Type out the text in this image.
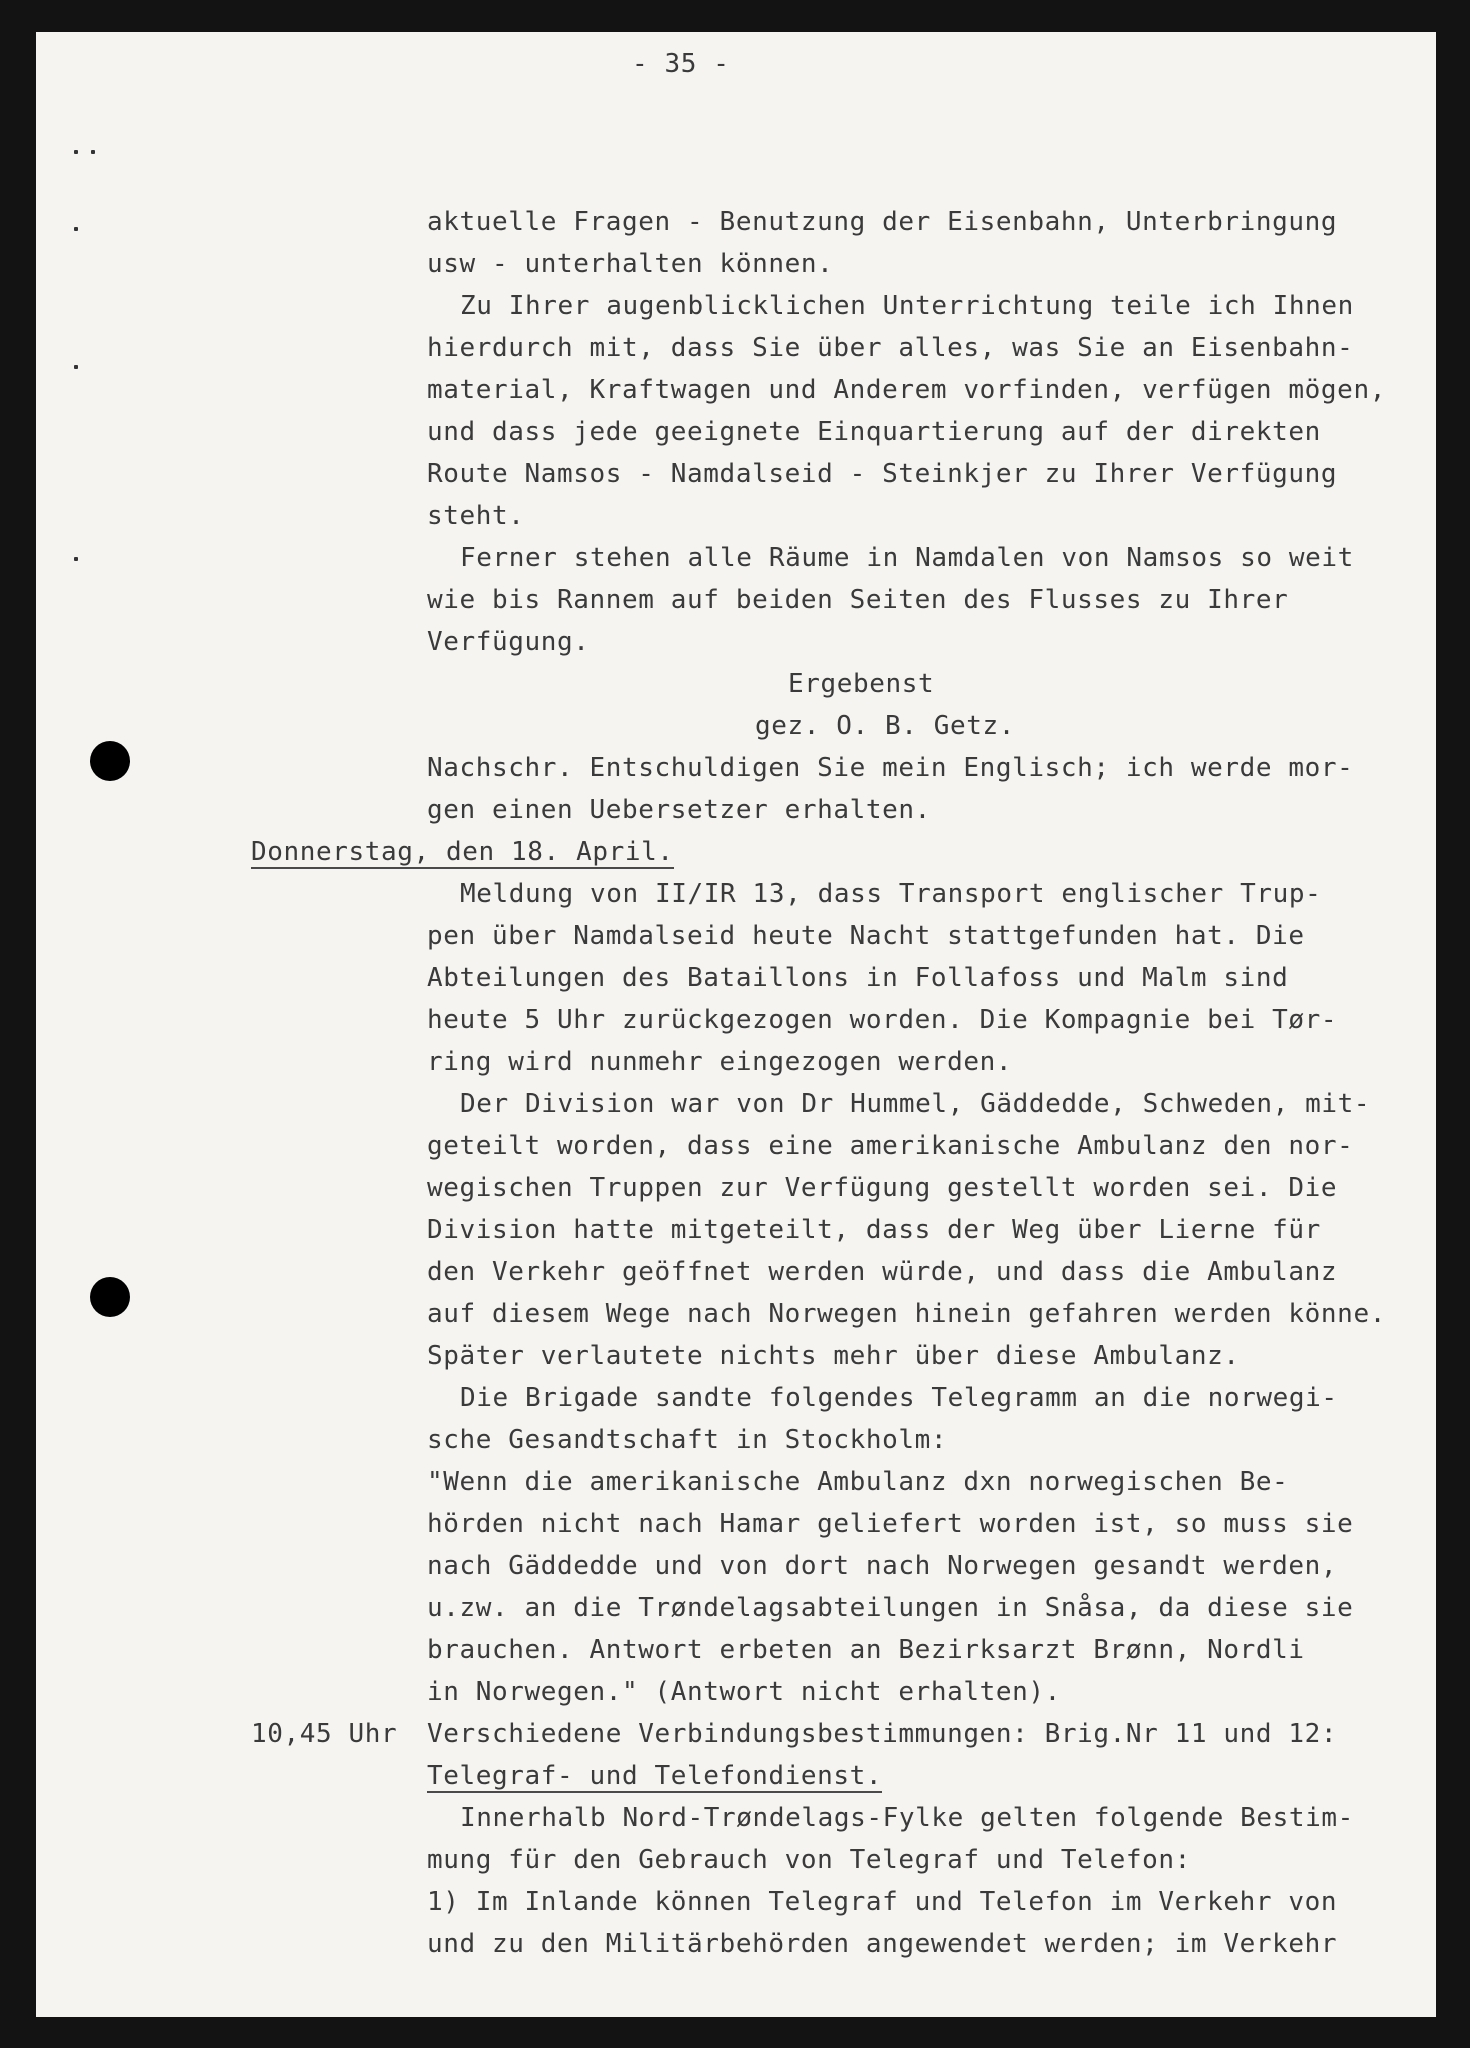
- 35 -
aktuelle Fragen - Benutzung der Eisenbahn, Unterbringung
usw - unterhalten können.
Zu Ihrer augenblicklichen Unterrichtung teile ich Ihnen
hierdurch mit, dass Sie über alles, was Sie an Eisenbahn-
material, Kraftwagen und Anderem vorfinden, verfügen mögen,
und dass jede geeignete Einquartierung auf der direkten
Route Namsos - Namdalseid - Steinkjer zu Ihrer Verfügung
steht.
Ferner stehen alle Räume in Namdalen von Namsos so weit
wie bis Rannem auf beiden Seiten des Flusses zu Ihrer
Verfügung.
Ergebenst
gez. O. B. Getz.
Nachschr. Entschuldigen Sie mein Englisch; ich werde mor-
gen einen Uebersetzer erhalten.
Donnerstag, den 18. April.
Meldung von II/IR 13, dass Transport englischer Trup-
pen über Namdalseid heute Nacht stattgefunden hat. Die
Abteilungen des Bataillons in Follafoss und Malm sind
heute 5 Uhr zurückgezogen worden. Die Kompagnie bei Tør-
ring wird nunmehr eingezogen werden.
Der Division war von Dr Hummel, Gäddedde, Schweden, mit-
geteilt worden, dass eine amerikanische Ambulanz den nor-
wegischen Truppen zur Verfügung gestellt worden sei. Die
Division hatte mitgeteilt, dass der Weg über Lierne für
den Verkehr geöffnet werden würde, und dass die Ambulanz
auf diesem Wege nach Norwegen hinein gefahren werden könne.
Später verlautete nichts mehr über diese Ambulanz.
Die Brigade sandte folgendes Telegramm an die norwegi-
sche Gesandtschaft in Stockholm:
"Wenn die amerikanische Ambulanz dxn norwegischen Be-
hörden nicht nach Hamar geliefert worden ist, so muss sie
nach Gäddedde und von dort nach Norwegen gesandt werden,
u.zw. an die Trøndelagsabteilungen in Snåsa, da diese sie
brauchen. Antwort erbeten an Bezirksarzt Brønn, Nordli
in Norwegen." (Antwort nicht erhalten).
10,45 Uhr Verschiedene Verbindungsbestimmungen: Brig.Nr 11 und 12:
Telegraf- und Telefondienst.
Innerhalb Nord-Trøndelags-Fylke gelten folgende Bestim-
mung für den Gebrauch von Telegraf und Telefon:
1) Im Inlande können Telegraf und Telefon im Verkehr von
und zu den Militärbehörden angewendet werden; im Verkehr
